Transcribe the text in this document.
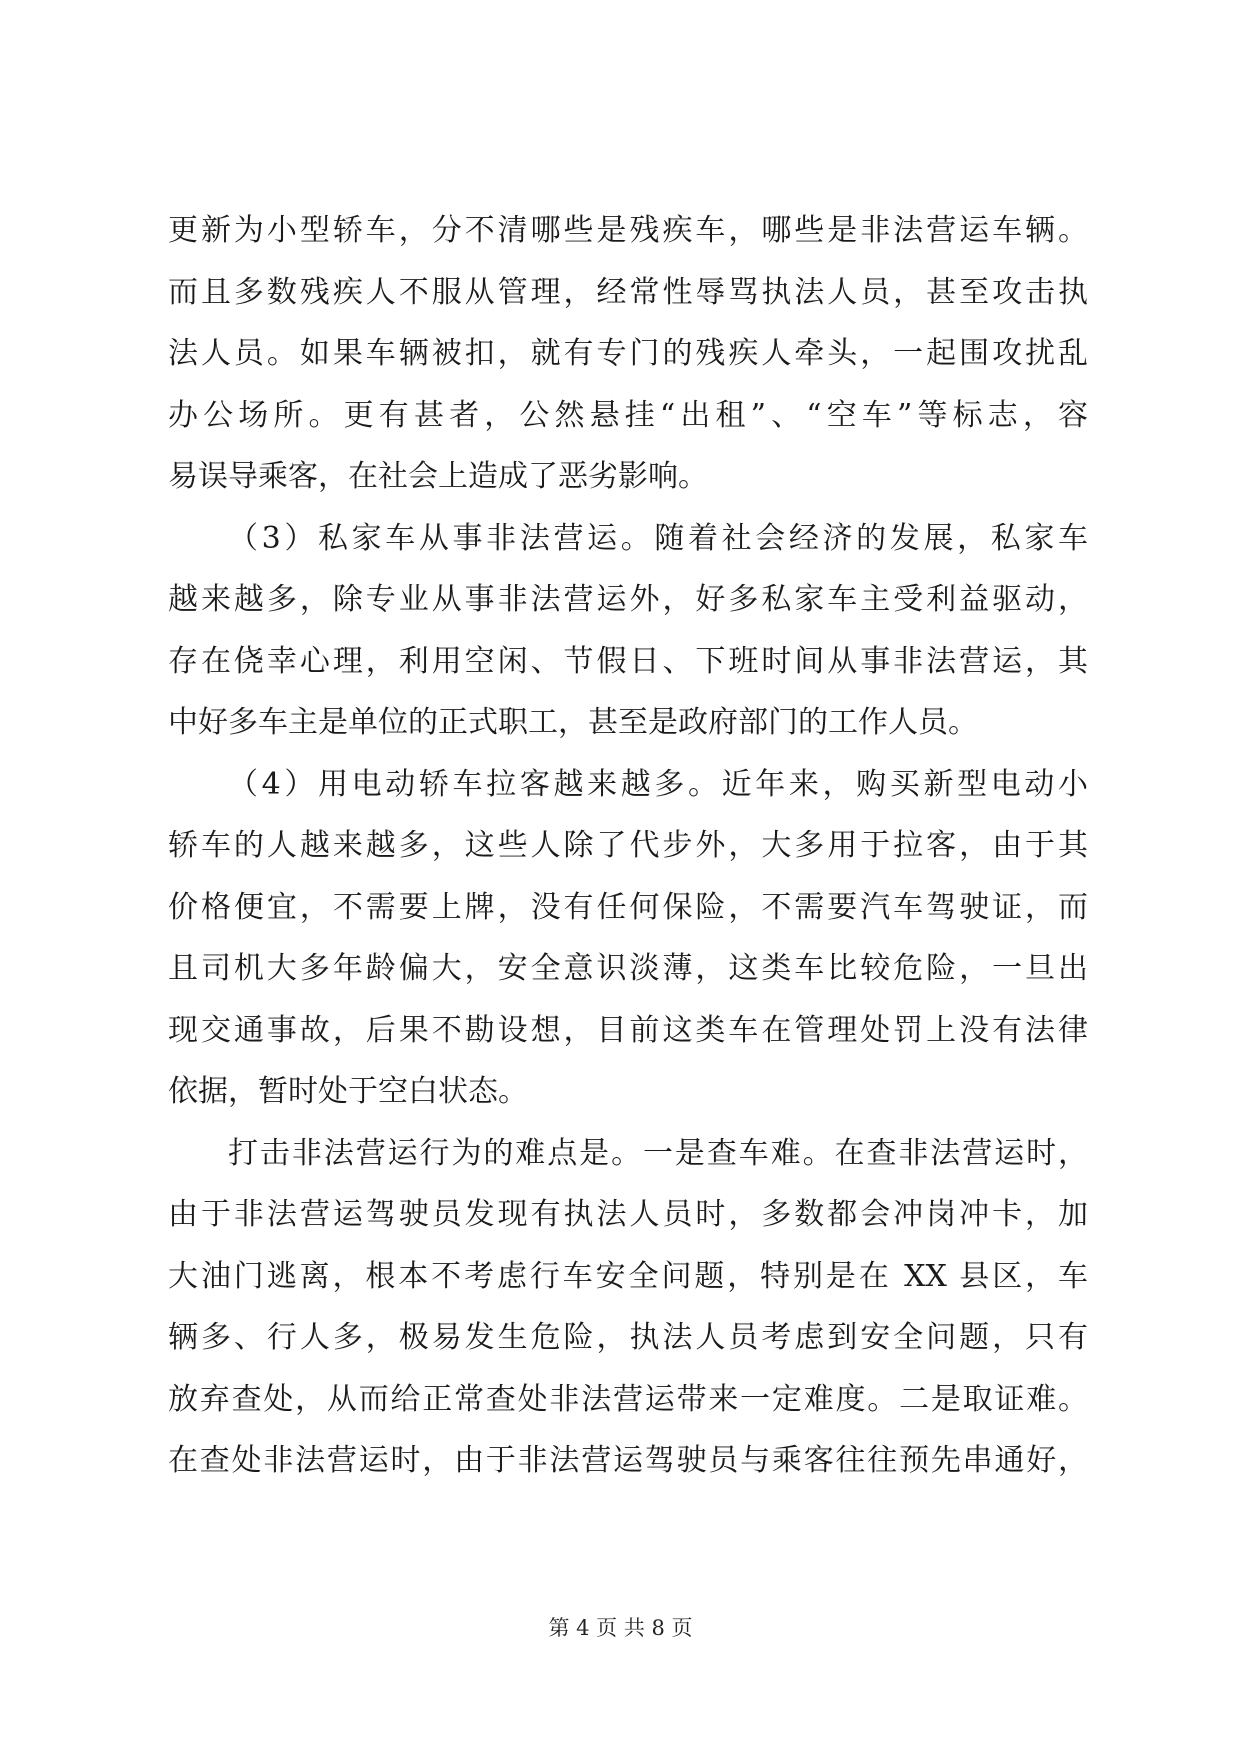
更新为小型轿车，分不清哪些是残疾车，哪些是非法营运车辆。
而且多数残疾人不服从管理，经常性辱骂执法人员，甚至攻击执
法人员。如果车辆被扣，就有专门的残疾人牵头，一起围攻扰乱
办公场所。更有甚者，公然悬挂“出租”、“空车”等标志，容
易误导乘客，在社会上造成了恶劣影响。
（3）私家车从事非法营运。随着社会经济的发展，私家车
越来越多，除专业从事非法营运外，好多私家车主受利益驱动，
存在侥幸心理，利用空闲、节假日、下班时间从事非法营运，其
中好多车主是单位的正式职工，甚至是政府部门的工作人员。
（4）用电动轿车拉客越来越多。近年来，购买新型电动小
轿车的人越来越多，这些人除了代步外，大多用于拉客，由于其
价格便宜，不需要上牌，没有任何保险，不需要汽车驾驶证，而
且司机大多年龄偏大，安全意识淡薄，这类车比较危险，一旦出
现交通事故，后果不勘设想，目前这类车在管理处罚上没有法律
依据，暂时处于空白状态。
打击非法营运行为的难点是。一是查车难。在查非法营运时，
由于非法营运驾驶员发现有执法人员时，多数都会冲岗冲卡，加
大油门逃离，根本不考虑行车安全问题，特别是在 XX 县区，车
辆多、行人多，极易发生危险，执法人员考虑到安全问题，只有
放弃查处，从而给正常查处非法营运带来一定难度。二是取证难。
在查处非法营运时，由于非法营运驾驶员与乘客往往预先串通好，
第 4 页 共 8 页
